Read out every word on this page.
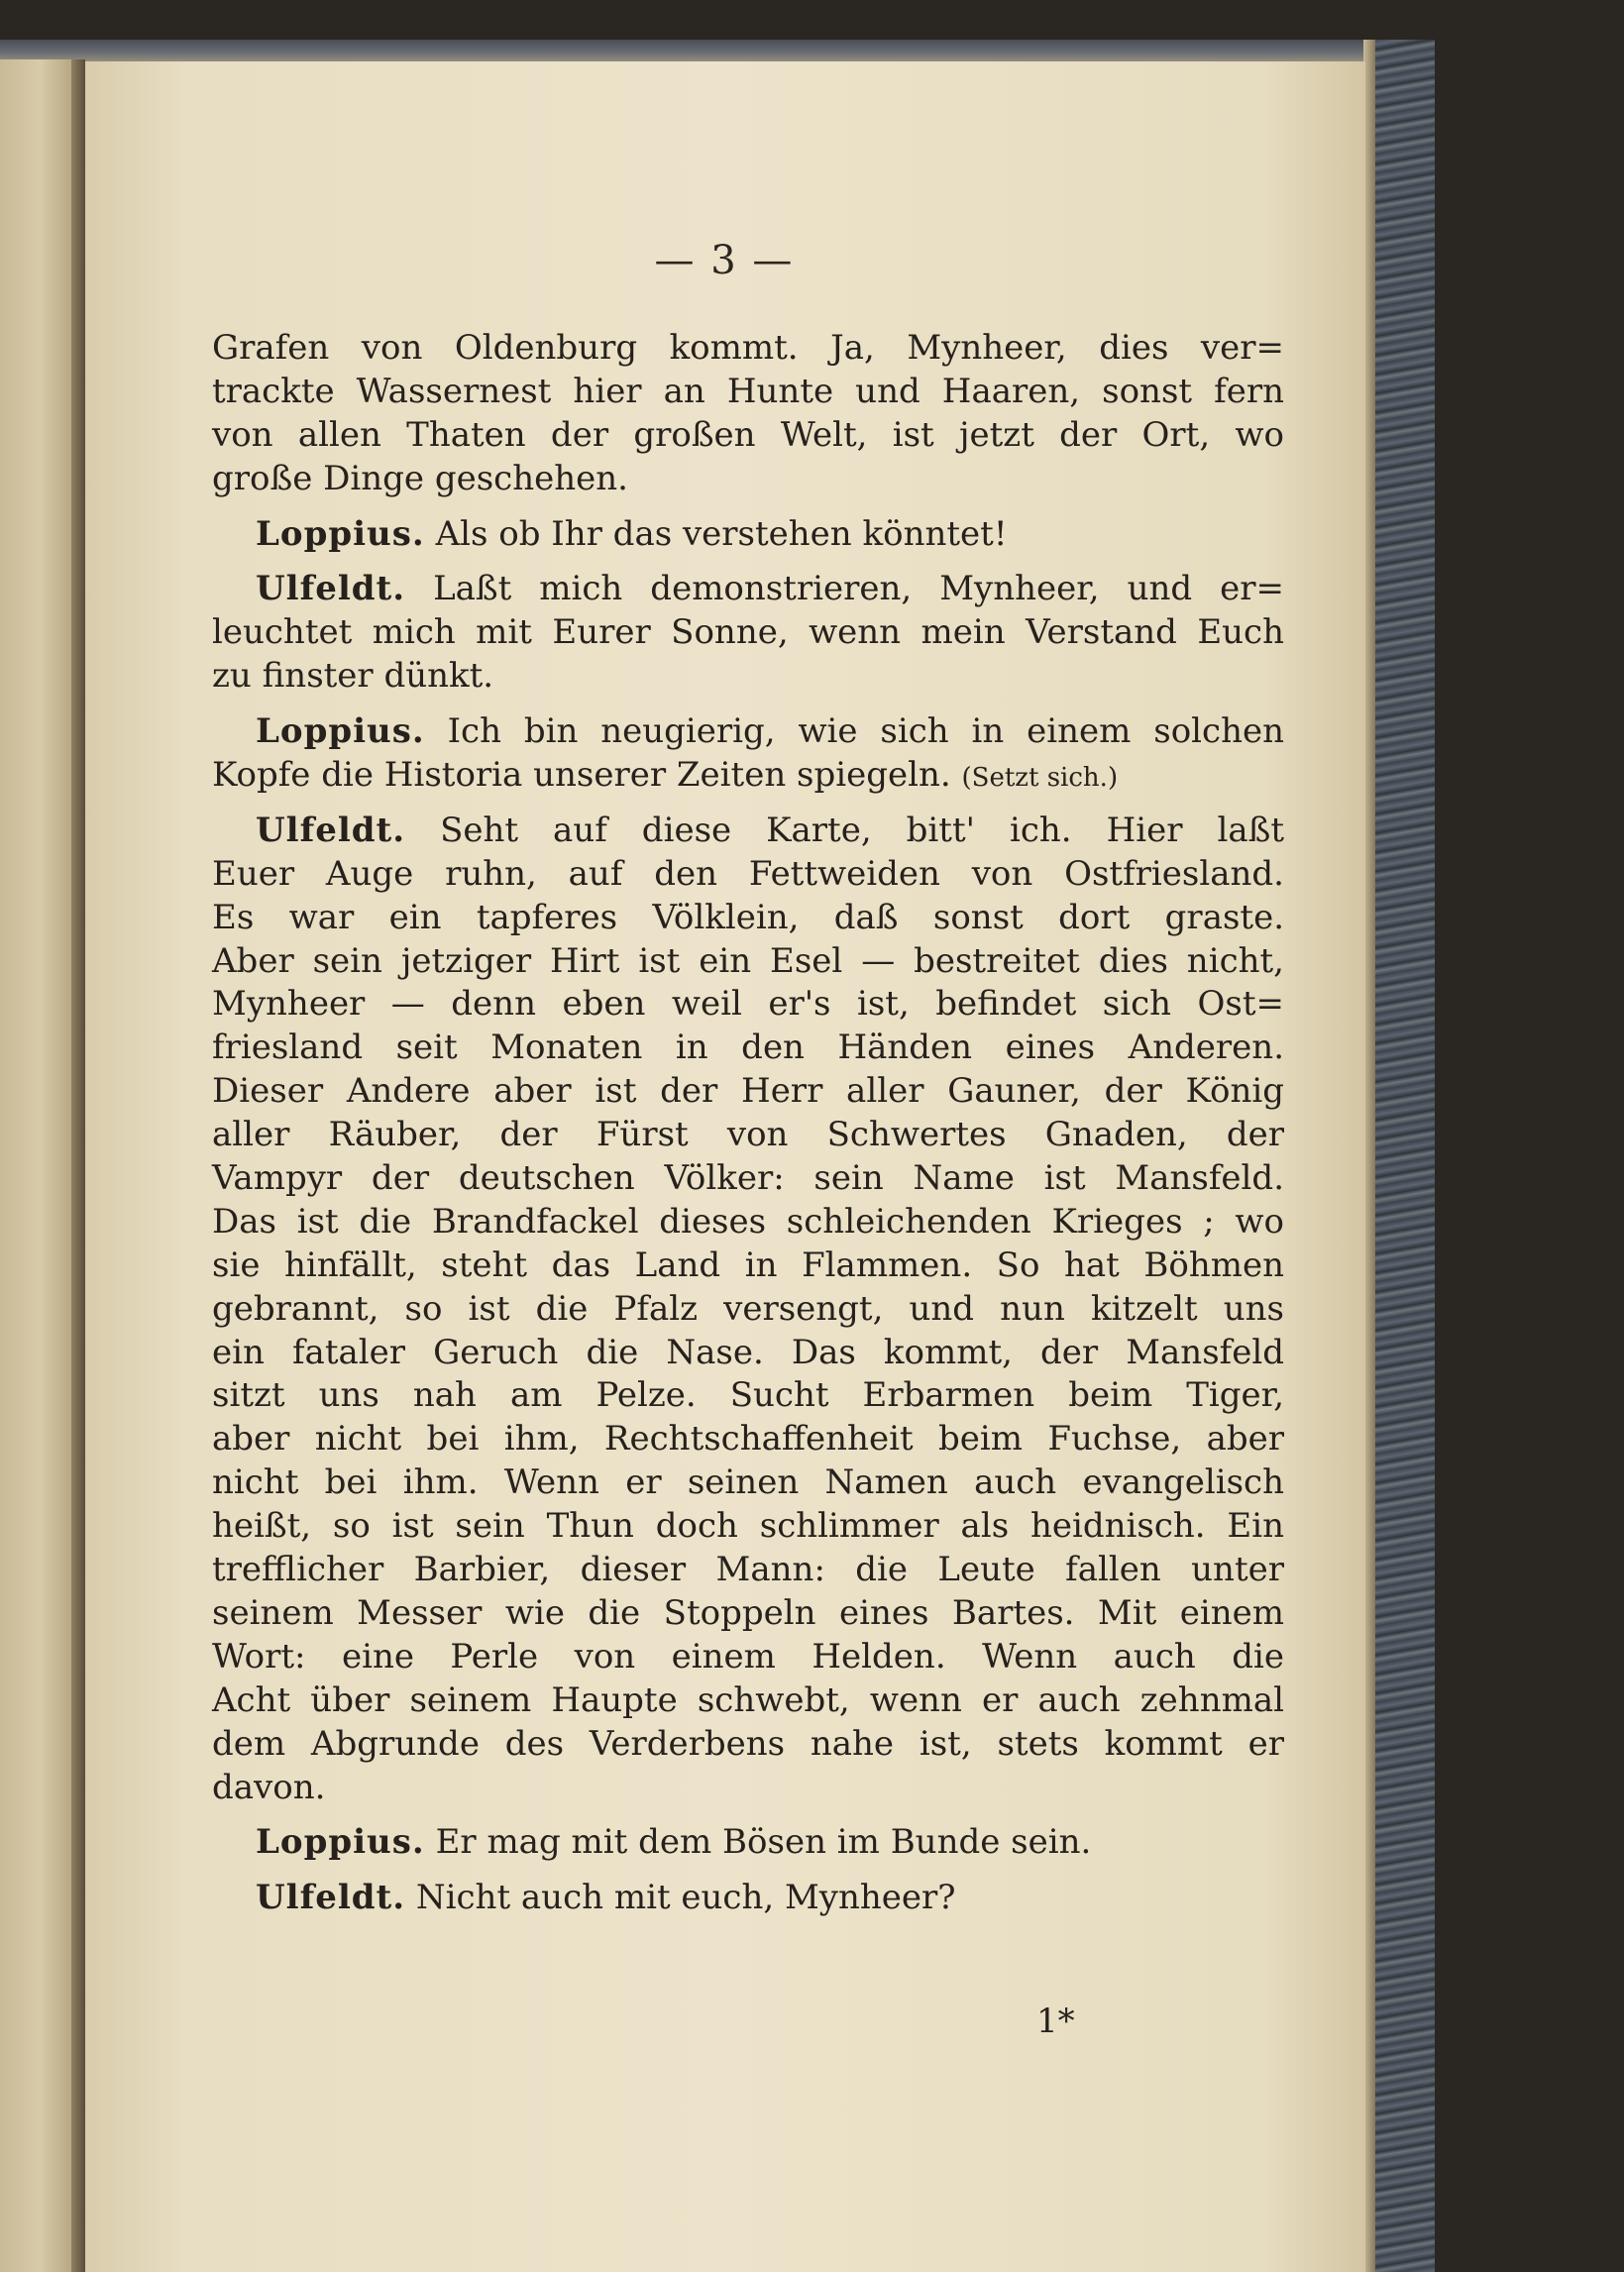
— 3 —
Grafen von Oldenburg kommt. Ja, Mynheer, dies ver=
trackte Wassernest hier an Hunte und Haaren, sonst fern
von allen Thaten der großen Welt, ist jetzt der Ort, wo
große Dinge geschehen.
Loppius. Als ob Ihr das verstehen könntet!
Ulfeldt. Laßt mich demonstrieren, Mynheer, und er=
leuchtet mich mit Eurer Sonne, wenn mein Verstand Euch
zu finster dünkt.
Loppius. Ich bin neugierig, wie sich in einem solchen
Kopfe die Historia unserer Zeiten spiegeln. (Setzt sich.)
Ulfeldt. Seht auf diese Karte, bitt' ich. Hier laßt
Euer Auge ruhn, auf den Fettweiden von Ostfriesland.
Es war ein tapferes Völklein, daß sonst dort graste.
Aber sein jetziger Hirt ist ein Esel — bestreitet dies nicht,
Mynheer — denn eben weil er's ist, befindet sich Ost=
friesland seit Monaten in den Händen eines Anderen.
Dieser Andere aber ist der Herr aller Gauner, der König
aller Räuber, der Fürst von Schwertes Gnaden, der
Vampyr der deutschen Völker: sein Name ist Mansfeld.
Das ist die Brandfackel dieses schleichenden Krieges ; wo
sie hinfällt, steht das Land in Flammen. So hat Böhmen
gebrannt, so ist die Pfalz versengt, und nun kitzelt uns
ein fataler Geruch die Nase. Das kommt, der Mansfeld
sitzt uns nah am Pelze. Sucht Erbarmen beim Tiger,
aber nicht bei ihm, Rechtschaffenheit beim Fuchse, aber
nicht bei ihm. Wenn er seinen Namen auch evangelisch
heißt, so ist sein Thun doch schlimmer als heidnisch. Ein
trefflicher Barbier, dieser Mann: die Leute fallen unter
seinem Messer wie die Stoppeln eines Bartes. Mit einem
Wort: eine Perle von einem Helden. Wenn auch die
Acht über seinem Haupte schwebt, wenn er auch zehnmal
dem Abgrunde des Verderbens nahe ist, stets kommt er
davon.
Loppius. Er mag mit dem Bösen im Bunde sein.
Ulfeldt. Nicht auch mit euch, Mynheer?
1*
